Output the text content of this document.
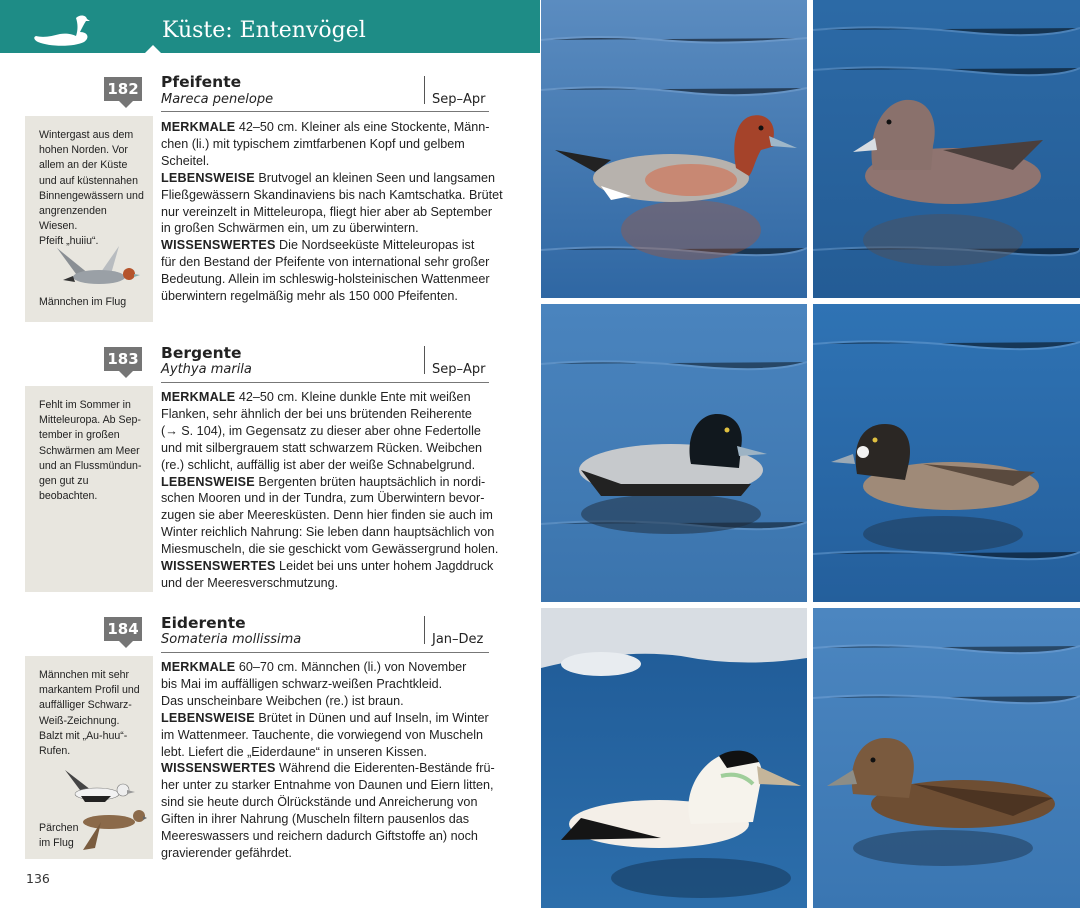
Küste: Entenvögel
182 Pfeifente
Mareca penelope	Sep–Apr
Wintergast aus dem
hohen Norden. Vor
allem an der Küste
und auf küstennahen
Binnengewässern und
angrenzenden Wiesen.
Pfeift „huiiu“.
Männchen im Flug

MERKMALE 42–50 cm. Kleiner als eine Stockente, Männ-

chen (li.) mit typischem zimtfarbenen Kopf und gelbem

Scheitel.

LEBENSWEISE Brutvogel an kleinen Seen und langsamen

Fließgewässern Skandinaviens bis nach Kamtschatka. Brütet

nur vereinzelt in Mitteleuropa, fliegt hier aber ab September

in großen Schwärmen ein, um zu überwintern.

WISSENSWERTES Die Nordseeküste Mitteleuropas ist

für den Bestand der Pfeifente von international sehr großer

Bedeutung. Allein im schleswig-holsteinischen Wattenmeer

überwintern regelmäßig mehr als 150 000 Pfeifenten.

183 Bergente
Aythya marila	Sep–Apr
Fehlt im Sommer in
Mitteleuropa. Ab Sep-
tember in großen
Schwärmen am Meer
und an Flussmündun-
gen gut zu beobachten.

MERKMALE 42–50 cm. Kleine dunkle Ente mit weißen

Flanken, sehr ähnlich der bei uns brütenden Reiherente

(→ S. 104), im Gegensatz zu dieser aber ohne Federtolle

und mit silbergrauem statt schwarzem Rücken. Weibchen

(re.) schlicht, auffällig ist aber der weiße Schnabelgrund.

LEBENSWEISE Bergenten brüten hauptsächlich in nordi-

schen Mooren und in der Tundra, zum Überwintern bevor-

zugen sie aber Meeresküsten. Denn hier finden sie auch im

Winter reichlich Nahrung: Sie leben dann hauptsächlich von

Miesmuscheln, die sie geschickt vom Gewässergrund holen.

WISSENSWERTES Leidet bei uns unter hohem Jagddruck

und der Meeresverschmutzung.

184 Eiderente
Somateria mollissima	Jan–Dez
Männchen mit sehr
markantem Profil und
auffälliger Schwarz-
Weiß-Zeichnung.
Balzt mit „Au-huu“-
Rufen.
Pärchen
im Flug

MERKMALE 60–70 cm. Männchen (li.) von November

bis Mai im auffälligen schwarz-weißen Prachtkleid.

Das unscheinbare Weibchen (re.) ist braun.

LEBENSWEISE Brütet in Dünen und auf Inseln, im Winter

im Wattenmeer. Tauchente, die vorwiegend von Muscheln

lebt. Liefert die „Eiderdaune“ in unseren Kissen.

WISSENSWERTES Während die Eiderenten-Bestände frü-

her unter zu starker Entnahme von Daunen und Eiern litten,

sind sie heute durch Ölrückstände und Anreicherung von

Giften in ihrer Nahrung (Muscheln filtern pausenlos das

Meereswassers und reichern dadurch Giftstoffe an) noch

gravierender gefährdet.

136
